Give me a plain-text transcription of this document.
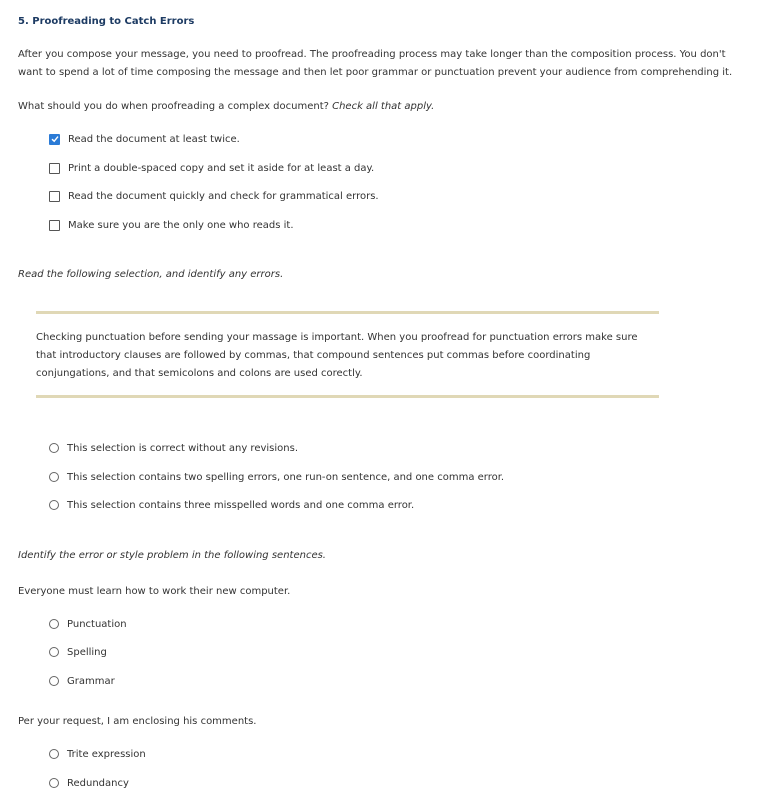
5. Proofreading to Catch Errors

After you compose your message, you need to proofread. The proofreading process may take longer than the composition process. You don't want to spend a lot of time composing the message and then let poor grammar or punctuation prevent your audience from comprehending it.

What should you do when proofreading a complex document? Check all that apply.

Read the document at least twice.
Print a double-spaced copy and set it aside for at least a day.
Read the document quickly and check for grammatical errors.
Make sure you are the only one who reads it.

Read the following selection, and identify any errors.

Checking punctuation before sending your massage is important. When you proofread for punctuation errors make sure that introductory clauses are followed by commas, that compound sentences put commas before coordinating conjungations, and that semicolons and colons are used corectly.

This selection is correct without any revisions.
This selection contains two spelling errors, one run-on sentence, and one comma error.
This selection contains three misspelled words and one comma error.

Identify the error or style problem in the following sentences.

Everyone must learn how to work their new computer.

Punctuation
Spelling
Grammar

Per your request, I am enclosing his comments.

Trite expression
Redundancy
